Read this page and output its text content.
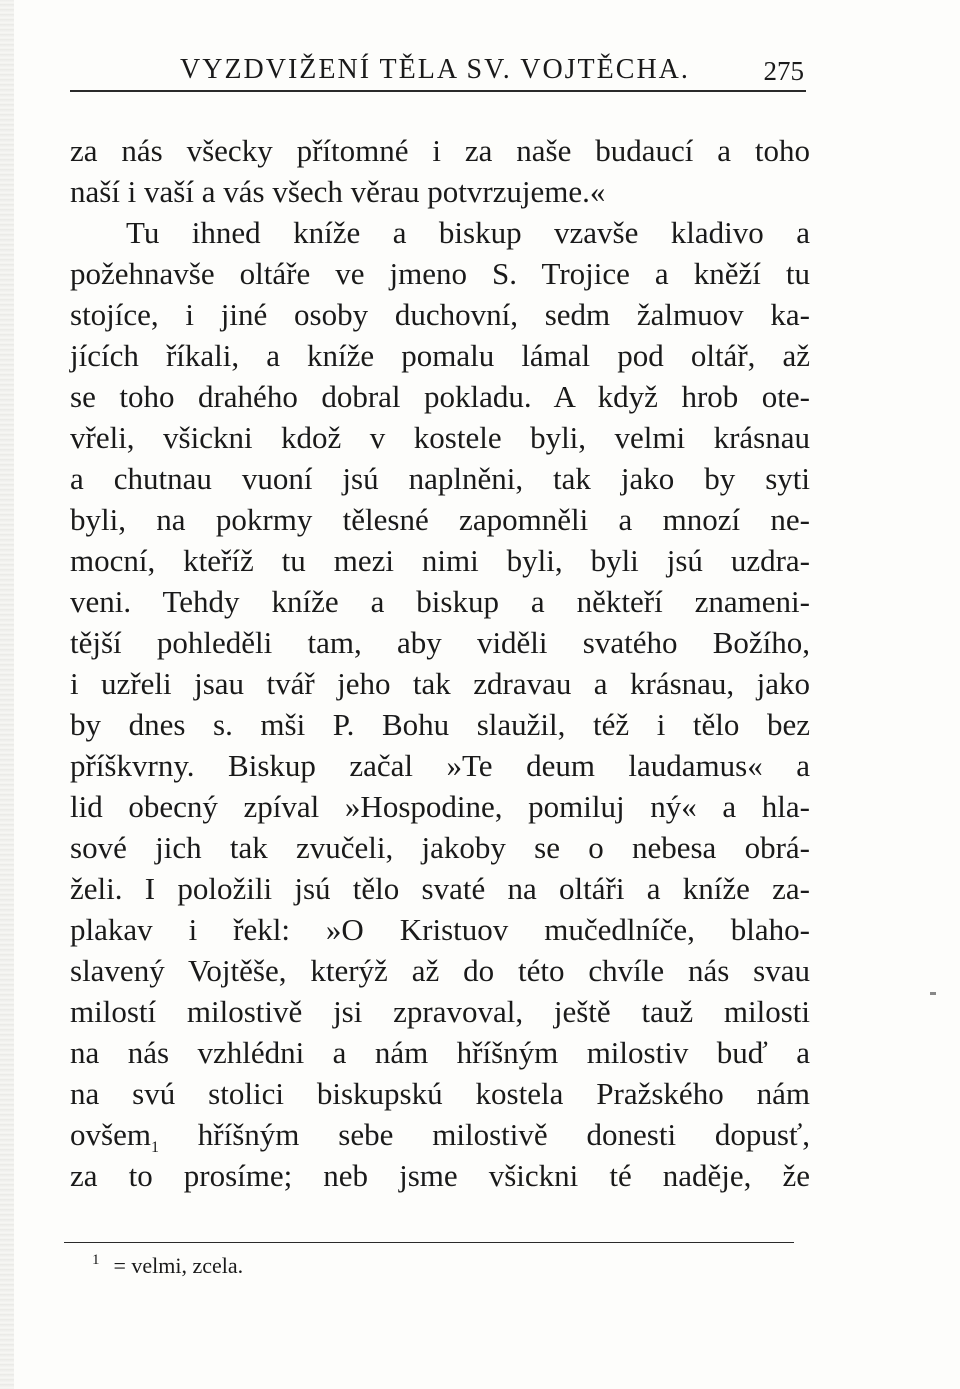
VYZDVIŽENÍ TĚLA SV. VOJTĚCHA.	275
za nás všecky přítomné i za naše budaucí a toho
naší i vaší a vás všech věrau potvrzujeme.«
Tu ihned kníže a biskup vzavše kladivo a
požehnavše oltáře ve jmeno S. Trojice a kněží tu
stojíce, i jiné osoby duchovní, sedm žalmuov ka-
jících říkali, a kníže pomalu lámal pod oltář, až
se toho drahého dobral pokladu. A když hrob ote-
vřeli, všickni kdož v kostele byli, velmi krásnau
a chutnau vuoní jsú naplněni, tak jako by syti
byli, na pokrmy tělesné zapomněli a mnozí ne-
mocní, kteříž tu mezi nimi byli, byli jsú uzdra-
veni. Tehdy kníže a biskup a někteří znameni-
tější pohleděli tam, aby viděli svatého Božího,
i uzřeli jsau tvář jeho tak zdravau a krásnau, jako
by dnes s. mši P. Bohu slaužil, též i tělo bez
příškvrny. Biskup začal »Te deum laudamus« a
lid obecný zpíval »Hospodine, pomiluj ný« a hla-
sové jich tak zvučeli, jakoby se o nebesa obrá-
želi. I položili jsú tělo svaté na oltáři a kníže za-
plakav i řekl: »O Kristuov mučedlníče, blaho-
slavený Vojtěše, kterýž až do této chvíle nás svau
milostí milostivě jsi zpravoval, ještě tauž milosti
na nás vzhlédni a nám hříšným milostiv buď a
na svú stolici biskupskú kostela Pražského nám
ovšem$_1$ hříšným sebe milostivě donesti dopusť,
za to prosíme; neb jsme všickni té naděje, že
$^1$ = velmi, zcela.
